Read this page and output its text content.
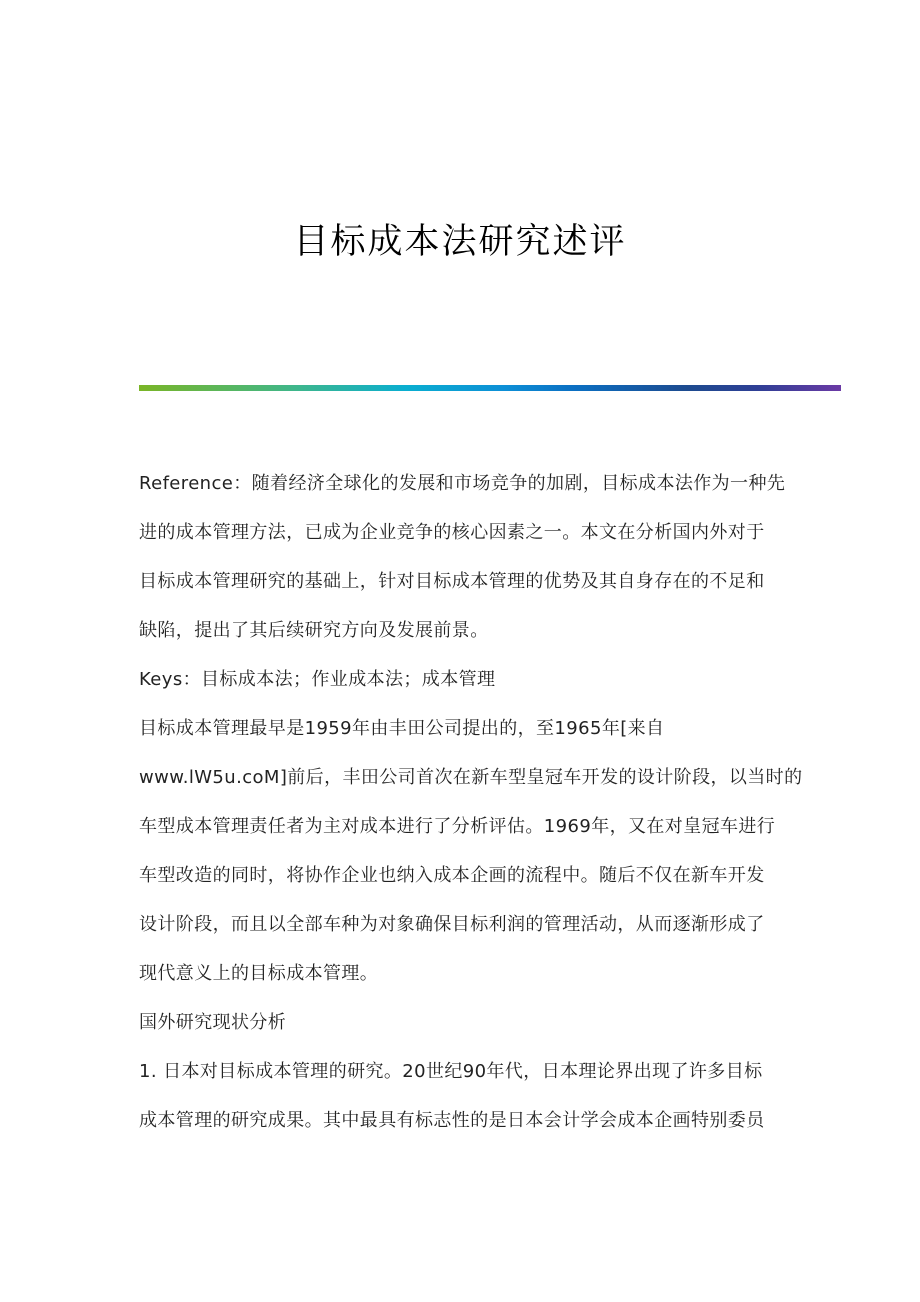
目标成本法研究述评
Reference：随着经济全球化的发展和市场竞争的加剧，目标成本法作为一种先
进的成本管理方法，已成为企业竞争的核心因素之一。本文在分析国内外对于
目标成本管理研究的基础上，针对目标成本管理的优势及其自身存在的不足和
缺陷，提出了其后续研究方向及发展前景。
Keys：目标成本法；作业成本法；成本管理
目标成本管理最早是1959年由丰田公司提出的，至1965年[来自
www.lW5u.coM]前后，丰田公司首次在新车型皇冠车开发的设计阶段，以当时的
车型成本管理责任者为主对成本进行了分析评估。1969年，又在对皇冠车进行
车型改造的同时，将协作企业也纳入成本企画的流程中。随后不仅在新车开发
设计阶段，而且以全部车种为对象确保目标利润的管理活动，从而逐渐形成了
现代意义上的目标成本管理。
国外研究现状分析
1. 日本对目标成本管理的研究。20世纪90年代，日本理论界出现了许多目标
成本管理的研究成果。其中最具有标志性的是日本会计学会成本企画特别委员
